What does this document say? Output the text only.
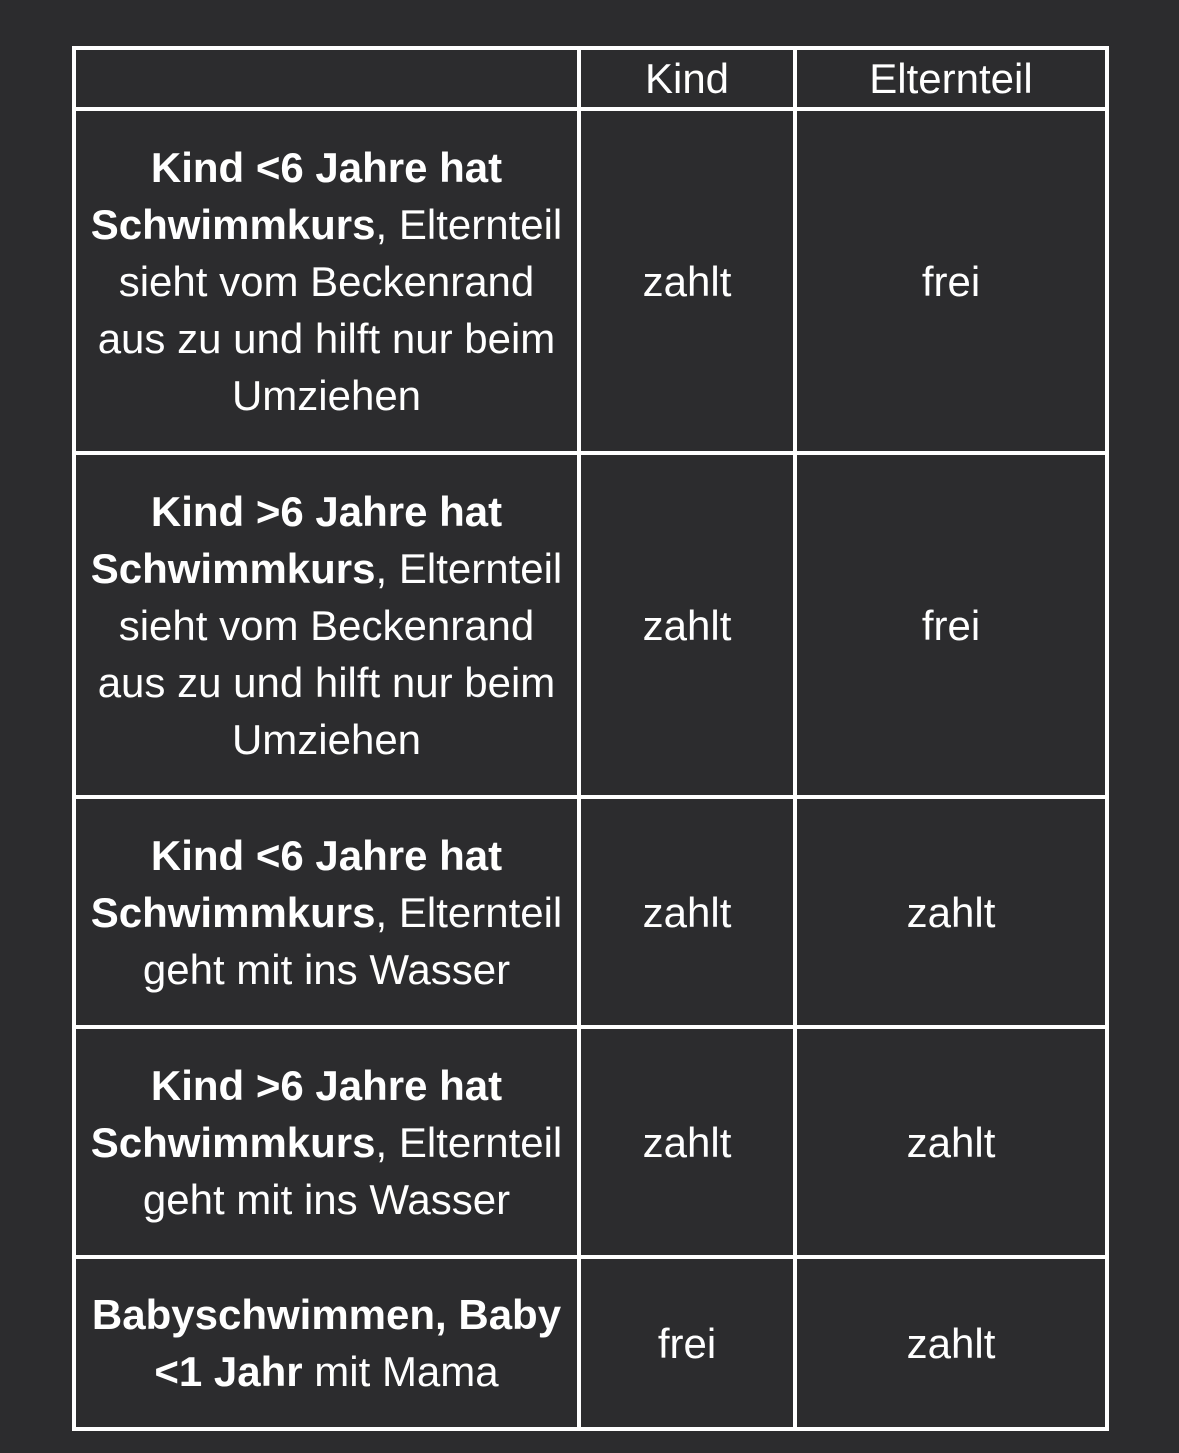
	Kind	Elternteil
Kind <6 Jahre hat Schwimmkurs, Elternteil sieht vom Beckenrand aus zu und hilft nur beim Umziehen	zahlt	frei
Kind >6 Jahre hat Schwimmkurs, Elternteil sieht vom Beckenrand aus zu und hilft nur beim Umziehen	zahlt	frei
Kind <6 Jahre hat Schwimmkurs, Elternteil geht mit ins Wasser	zahlt	zahlt
Kind >6 Jahre hat Schwimmkurs, Elternteil geht mit ins Wasser	zahlt	zahlt
Babyschwimmen, Baby <1 Jahr mit Mama	frei	zahlt
